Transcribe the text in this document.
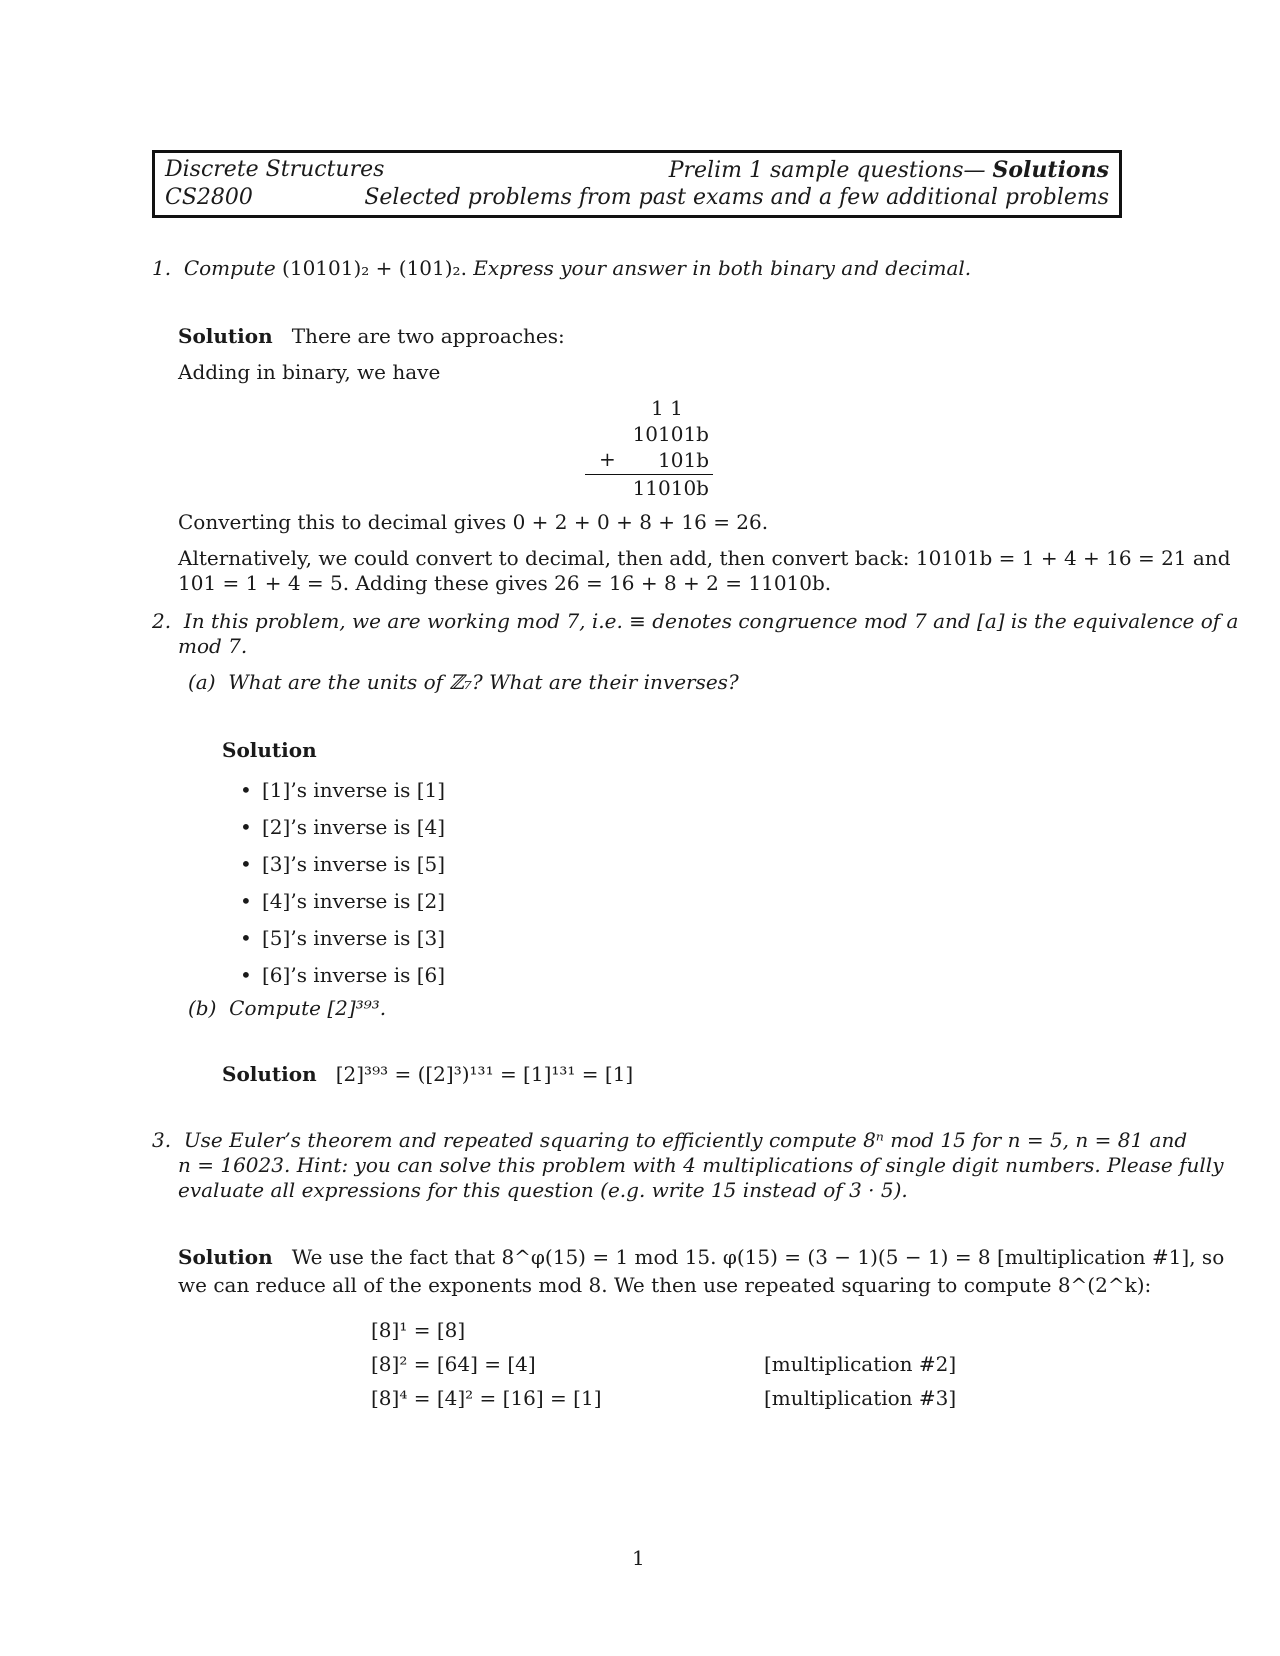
Discrete Structures
CS2800
Prelim 1 sample questions— Solutions
Selected problems from past exams and a few additional problems
1. Compute (10101)₂ + (101)₂. Express your answer in both binary and decimal.
Solution There are two approaches:
Adding in binary, we have
1 1
10101b
+	101b
11010b
Converting this to decimal gives 0 + 2 + 0 + 8 + 16 = 26.
Alternatively, we could convert to decimal, then add, then convert back: 10101b = 1 + 4 + 16 = 21 and
101 = 1 + 4 = 5. Adding these gives 26 = 16 + 8 + 2 = 11010b.
2. In this problem, we are working mod 7, i.e. ≡ denotes congruence mod 7 and [a] is the equivalence of a
mod 7.
(a) What are the units of ℤ₇? What are their inverses?
Solution
• [1]’s inverse is [1]
• [2]’s inverse is [4]
• [3]’s inverse is [5]
• [4]’s inverse is [2]
• [5]’s inverse is [3]
• [6]’s inverse is [6]
(b) Compute [2]³⁹³.
Solution [2]³⁹³ = ([2]³)¹³¹ = [1]¹³¹ = [1]
3. Use Euler’s theorem and repeated squaring to efficiently compute 8ⁿ mod 15 for n = 5, n = 81 and
n = 16023. Hint: you can solve this problem with 4 multiplications of single digit numbers. Please fully
evaluate all expressions for this question (e.g. write 15 instead of 3 · 5).
Solution We use the fact that 8^φ(15) = 1 mod 15. φ(15) = (3 − 1)(5 − 1) = 8 [multiplication #1], so
we can reduce all of the exponents mod 8. We then use repeated squaring to compute 8^(2^k):
[8]¹ = [8]
[8]² = [64] = [4]	[multiplication #2]
[8]⁴ = [4]² = [16] = [1]	[multiplication #3]
1
